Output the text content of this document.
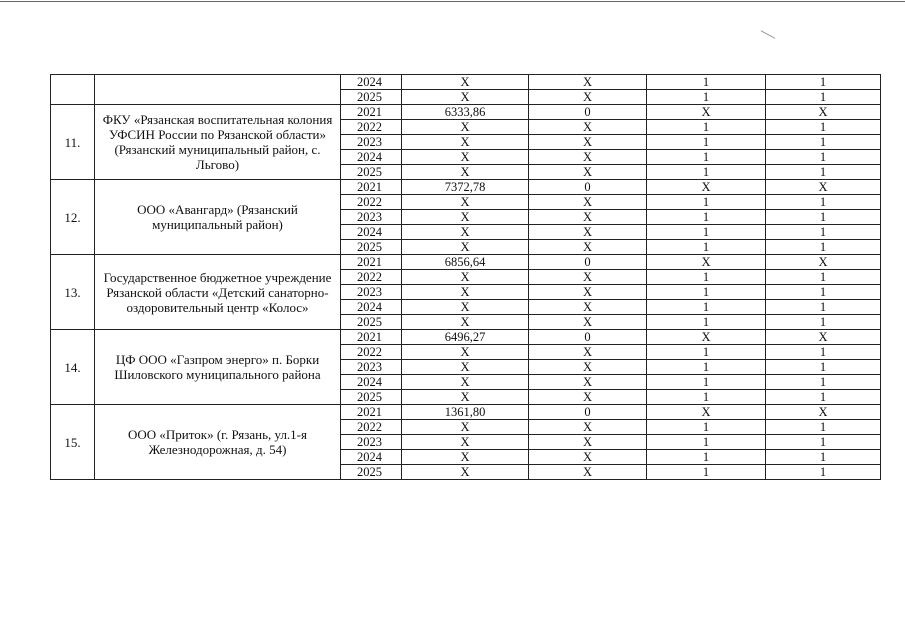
		2024	X	X	1	1
		2025	X	X	1	1
11.	ФКУ «Рязанская воспитательная колония УФСИН России по Рязанской области» (Рязанский муниципальный район, с. Льгово)	2021	6333,86	0	X	X
		2022	X	X	1	1
		2023	X	X	1	1
		2024	X	X	1	1
		2025	X	X	1	1
12.	ООО «Авангард» (Рязанский муниципальный район)	2021	7372,78	0	X	X
		2022	X	X	1	1
		2023	X	X	1	1
		2024	X	X	1	1
		2025	X	X	1	1
13.	Государственное бюджетное учреждение Рязанской области «Детский санаторно-оздоровительный центр «Колос»	2021	6856,64	0	X	X
		2022	X	X	1	1
		2023	X	X	1	1
		2024	X	X	1	1
		2025	X	X	1	1
14.	ЦФ ООО «Газпром энерго» п. Борки Шиловского муниципального района	2021	6496,27	0	X	X
		2022	X	X	1	1
		2023	X	X	1	1
		2024	X	X	1	1
		2025	X	X	1	1
15.	ООО «Приток» (г. Рязань, ул.1-я Железнодорожная, д. 54)	2021	1361,80	0	X	X
		2022	X	X	1	1
		2023	X	X	1	1
		2024	X	X	1	1
		2025	X	X	1	1
